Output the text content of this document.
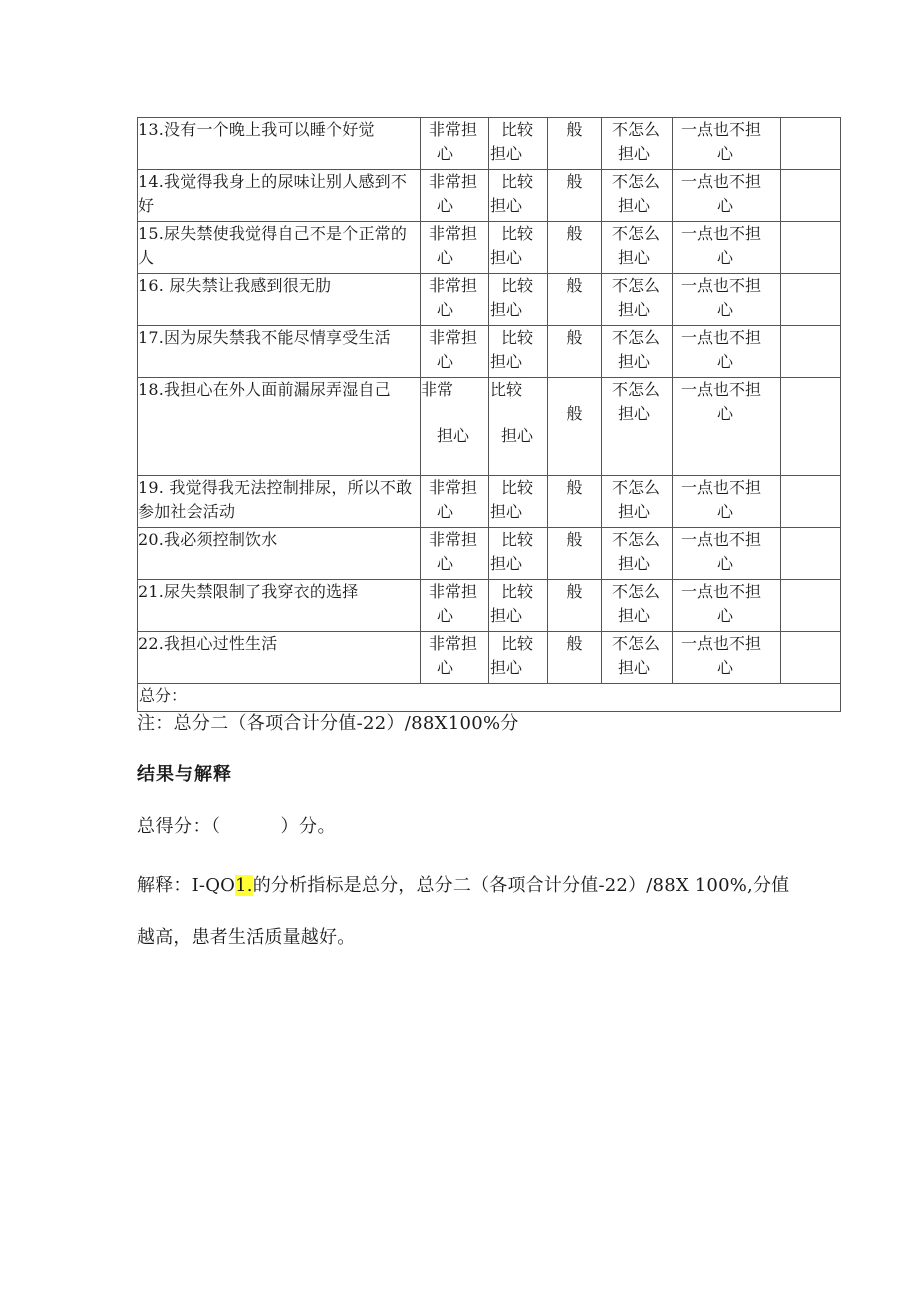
13.没有一个晚上我可以睡个好觉	非常担
心	比较
担心	般	不怎么
担心	一点也不担
心	

14.我觉得我身上的尿味让别人感到不好	非常担
心	比较
担心	般	不怎么
担心	一点也不担
心	

15.尿失禁使我觉得自己不是个正常的人	非常担
心	比较
担心	般	不怎么
担心	一点也不担
心	

16. 尿失禁让我感到很无肋	非常担
心	比较
担心	般	不怎么
担心	一点也不担
心	

17.因为尿失禁我不能尽情享受生活	非常担
心	比较
担心	般	不怎么
担心	一点也不担
心	

18.我担心在外人面前漏尿弄湿自己	非常
担心	比较
担心	般	不怎么
担心	一点也不担
心	

19. 我觉得我无法控制排尿，所以不敢参加社会活动	非常担
心	比较
担心	般	不怎么
担心	一点也不担
心	

20.我必须控制饮水	非常担
心	比较
担心	般	不怎么
担心	一点也不担
心	

21.尿失禁限制了我穿衣的选择	非常担
心	比较
担心	般	不怎么
担心	一点也不担
心	

22.我担心过性生活	非常担
心	比较
担心	般	不怎么
担心	一点也不担
心	

总分：						
注：总分二（各项合计分值-22）/88X100%分
结果与解释
总得分：（	）分。
解释：I-QO1.的分析指标是总分，总分二（各项合计分值-22）/88X 100%,分值越高，患者生活质量越好。
